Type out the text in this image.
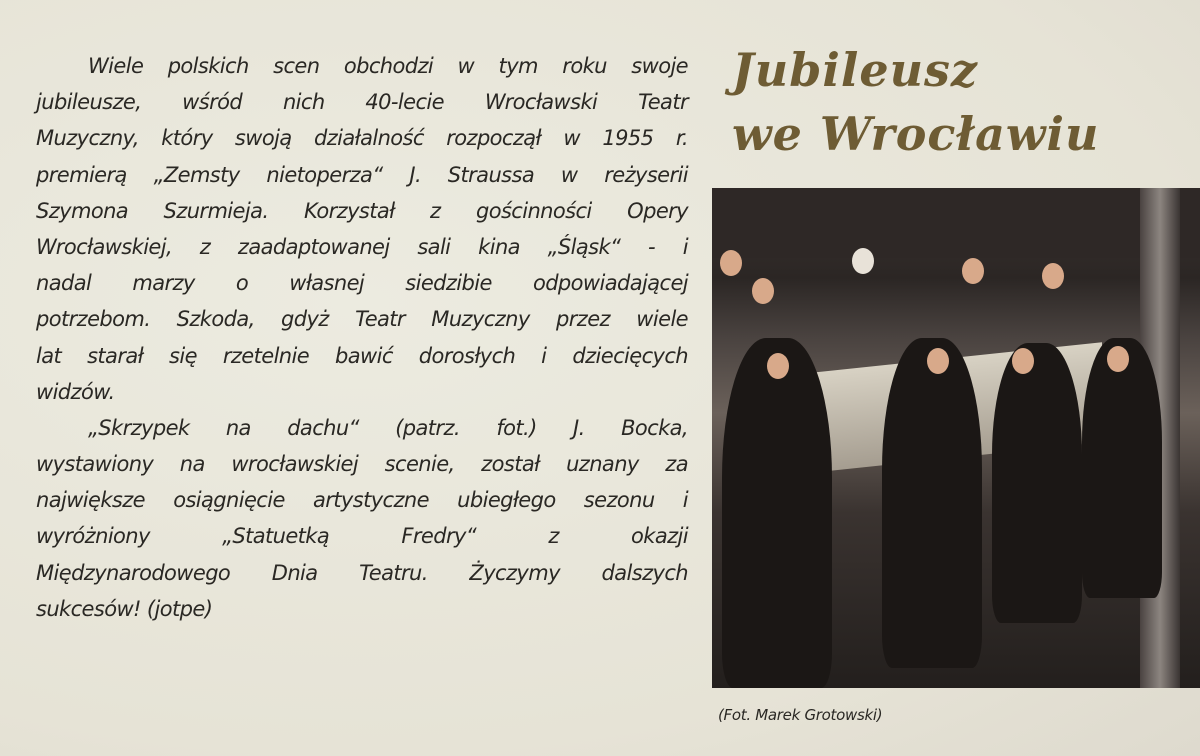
Jubileusz
we Wrocławiu
Wiele polskich scen obchodzi w tym roku swoje
jubileusze, wśród nich 40-lecie Wrocławski Teatr
Muzyczny, który swoją działalność rozpoczął w 1955 r.
premierą „Zemsty nietoperza“ J. Straussa w reżyserii
Szymona Szurmieja. Korzystał z gościnności Opery
Wrocławskiej, z zaadaptowanej sali kina „Śląsk“ - i
nadal marzy o własnej siedzibie odpowiadającej
potrzebom. Szkoda, gdyż Teatr Muzyczny przez wiele
lat starał się rzetelnie bawić dorosłych i dziecięcych
widzów.
„Skrzypek na dachu“ (patrz. fot.) J. Bocka,
wystawiony na wrocławskiej scenie, został uznany za
największe osiągnięcie artystyczne ubiegłego sezonu i
wyróżniony „Statuetką Fredry“ z okazji
Międzynarodowego Dnia Teatru. Życzymy dalszych
sukcesów! (jotpe)
(Fot. Marek Grotowski)
